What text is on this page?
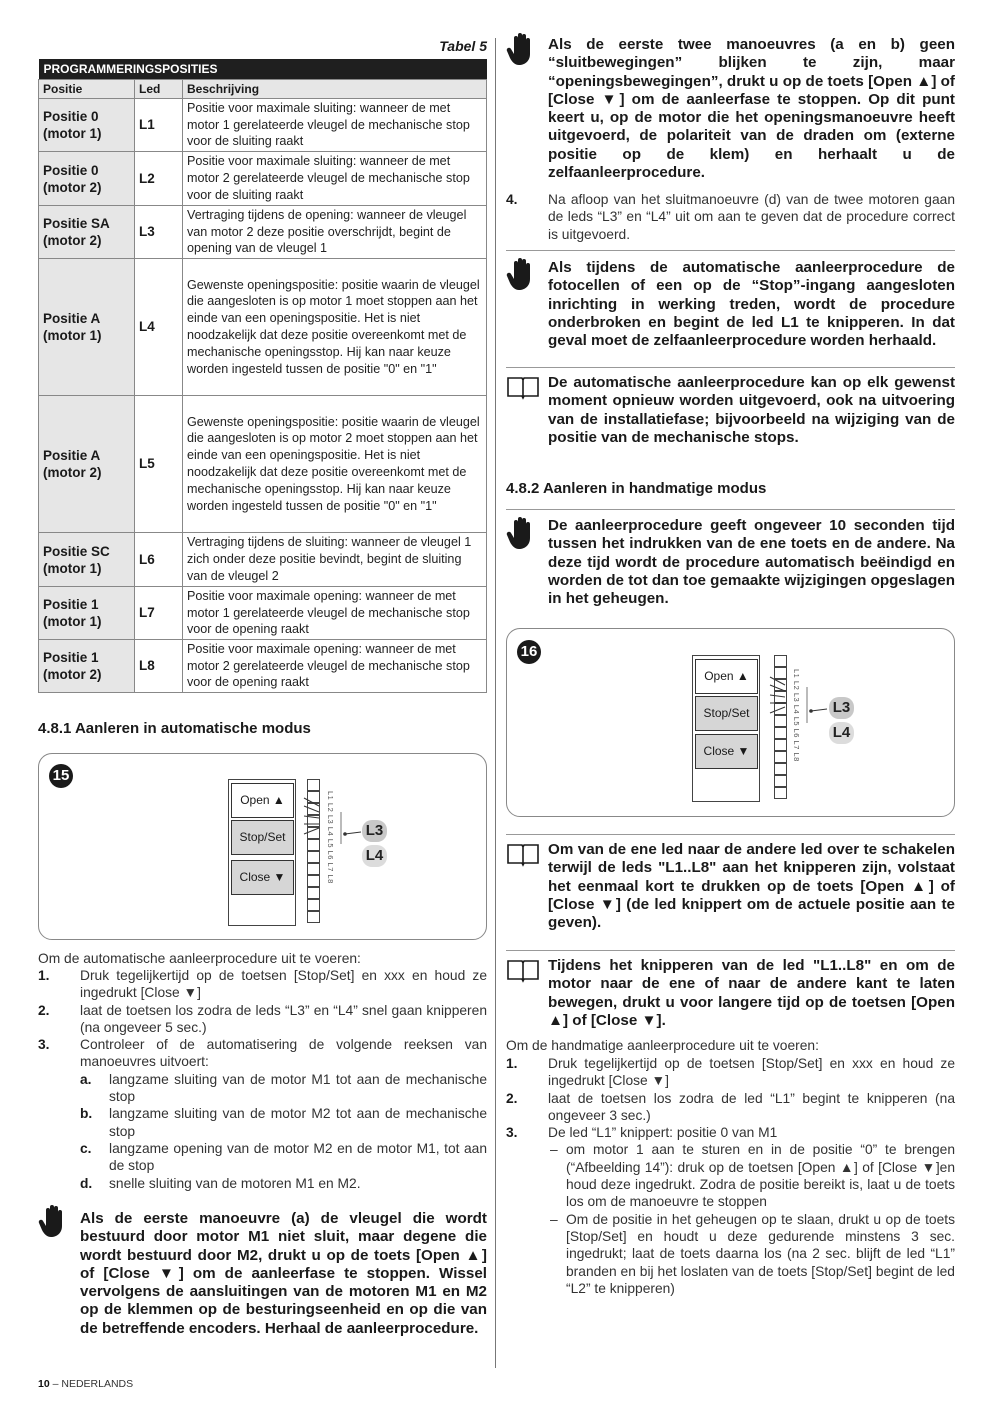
Tabel 5
PROGRAMMERINGSPOSITIES		
Positie	Led	Beschrijving
Positie 0 (motor 1)	L1	Positie voor maximale sluiting: wanneer de met motor 1 gerelateerde vleugel de mechanische stop voor de sluiting raakt
Positie 0 (motor 2)	L2	Positie voor maximale sluiting: wanneer de met motor 2 gerelateerde vleugel de mechanische stop voor de sluiting raakt
Positie SA (motor 2)	L3	Vertraging tijdens de opening: wanneer de vleugel van motor 2 deze positie overschrijdt, begint de opening van de vleugel 1
Positie A (motor 1)	L4	Gewenste openingspositie: positie waarin de vleugel die aangesloten is op motor 1 moet stoppen aan het einde van een openingspositie. Het is niet noodzakelijk dat deze positie overeenkomt met de mechanische openingsstop. Hij kan naar keuze worden ingesteld tussen de positie "0" en "1"
Positie A (motor 2)	L5	Gewenste openingspositie: positie waarin de vleugel die aangesloten is op motor 2 moet stoppen aan het einde van een openingspositie. Het is niet noodzakelijk dat deze positie overeenkomt met de mechanische openingsstop. Hij kan naar keuze worden ingesteld tussen de positie "0" en "1"
Positie SC (motor 1)	L6	Vertraging tijdens de sluiting: wanneer de vleugel 1 zich onder deze positie bevindt, begint de sluiting van de vleugel 2
Positie 1 (motor 1)	L7	Positie voor maximale opening: wanneer de met motor 1 gerelateerde vleugel de mechanische stop voor de opening raakt
Positie 1 (motor 2)	L8	Positie voor maximale opening: wanneer de met motor 2 gerelateerde vleugel de mechanische stop voor de opening raakt
4.8.1 Aanleren in automatische modus
15
Open ▲
Stop/Set
Close ▼	L1 L2 L3 L4 L5 L6 L7 L8 L3
L4
Om de automatische aanleerprocedure uit te voeren:
1. Druk tegelijkertijd op de toetsen [Stop/Set] en xxx en houd ze ingedrukt [Close ▼]
2. laat de toetsen los zodra de leds “L3” en “L4” snel gaan knipperen (na ongeveer 5 sec.)
3. Controleer of de automatisering de volgende reeksen van manoeuvres uitvoert:
a. langzame sluiting van de motor M1 tot aan de mechanische stop
b. langzame sluiting van de motor M2 tot aan de mechanische stop
c. langzame opening van de motor M2 en de motor M1, tot aan de stop
d. snelle sluiting van de motoren M1 en M2.
Als de eerste manoeuvre (a) de vleugel die wordt bestuurd door motor M1 niet sluit, maar degene die wordt bestuurd door M2, drukt u op de toets [Open ▲] of [Close ▼] om de aanleerfase te stoppen. Wissel vervolgens de aansluitingen van de motoren M1 en M2 op de klemmen op de besturingseenheid en op die van de betreffende encoders. Herhaal de aanleerprocedure.
Als de eerste twee manoeuvres (a en b) geen “sluitbewegingen” blijken te zijn, maar “openingsbewegingen”, drukt u op de toets [Open ▲] of [Close ▼] om de aanleerfase te stoppen. Op dit punt keert u, op de motor die het openingsmanoeuvre heeft uitgevoerd, de polariteit van de draden om (externe positie op de klem) en herhaalt u de zelfaanleerprocedure.
4. Na afloop van het sluitmanoeuvre (d) van de twee motoren gaan de leds “L3” en “L4” uit om aan te geven dat de procedure correct is uitgevoerd.
Als tijdens de automatische aanleerprocedure de fotocellen of een op de “Stop”-ingang aangesloten inrichting in werking treden, wordt de procedure onderbroken en begint de led L1 te knipperen. In dat geval moet de zelfaanleerprocedure worden herhaald.
De automatische aanleerprocedure kan op elk gewenst moment opnieuw worden uitgevoerd, ook na uitvoering van de installatiefase; bijvoorbeeld na wijziging van de positie van de mechanische stops.
4.8.2 Aanleren in handmatige modus
De aanleerprocedure geeft ongeveer 10 seconden tijd tussen het indrukken van de ene toets en de andere. Na deze tijd wordt de procedure automatisch beëindigd en worden de tot dan toe gemaakte wijzigingen opgeslagen in het geheugen.
16
Open ▲
Stop/Set
Close ▼	L1 L2 L3 L4 L5 L6 L7 L8 L3
L4
Om van de ene led naar de andere led over te schakelen terwijl de leds "L1..L8" aan het knipperen zijn, volstaat het eenmaal kort te drukken op de toets [Open ▲] of [Close ▼] (de led knippert om de actuele positie aan te geven).
Tijdens het knipperen van de led "L1..L8" en om de motor naar de ene of naar de andere kant te laten bewegen, drukt u voor langere tijd op de toetsen [Open ▲] of [Close ▼].
Om de handmatige aanleerprocedure uit te voeren:
1. Druk tegelijkertijd op de toetsen [Stop/Set] en xxx en houd ze ingedrukt [Close ▼]
2. laat de toetsen los zodra de led “L1” begint te knipperen (na ongeveer 3 sec.)
3. De led “L1” knippert: positie 0 van M1
– om motor 1 aan te sturen en in de positie “0” te brengen (“Afbeelding 14”): druk op de toetsen [Open ▲] of [Close ▼]en houd deze ingedrukt. Zodra de positie bereikt is, laat u de toets los om de manoeuvre te stoppen
– Om de positie in het geheugen op te slaan, drukt u op de toets [Stop/Set] en houdt u deze gedurende minstens 3 sec. ingedrukt; laat de toets daarna los (na 2 sec. blijft de led “L1” branden en bij het loslaten van de toets [Stop/Set] begint de led “L2” te knipperen)
10 – NEDERLANDS
